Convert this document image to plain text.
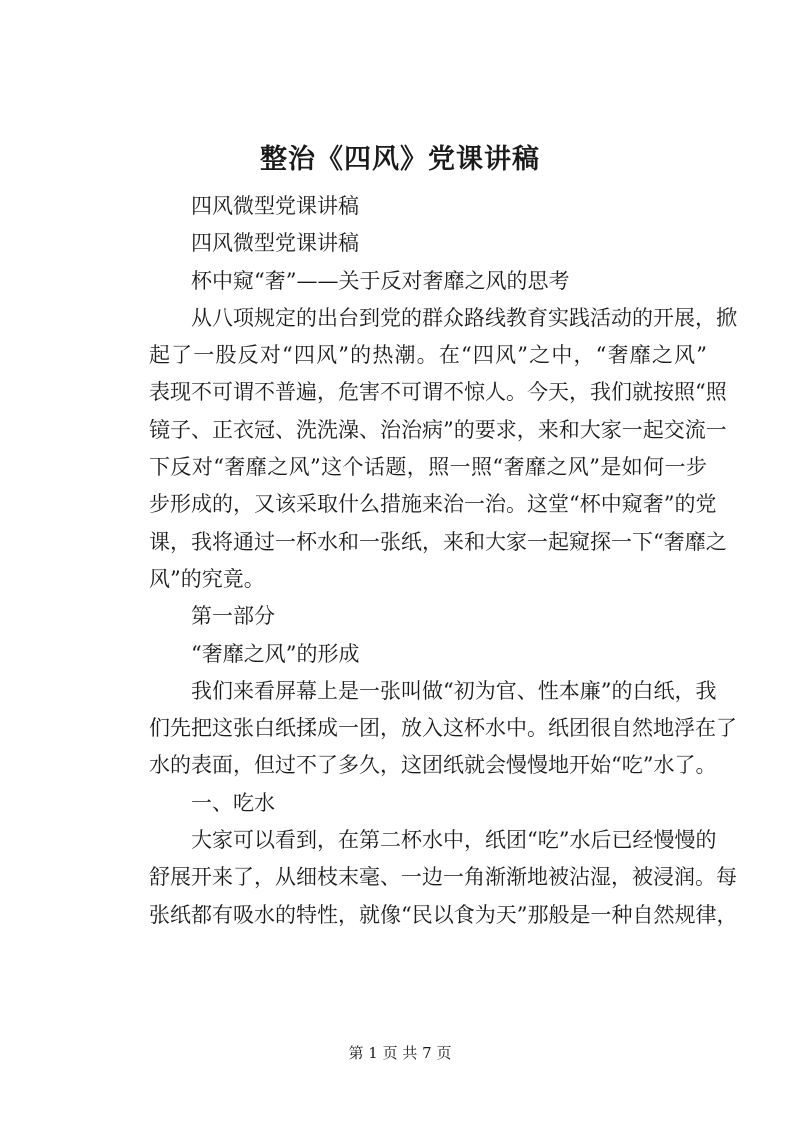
整治《四风》党课讲稿
四风微型党课讲稿
四风微型党课讲稿
杯中窥“奢”——关于反对奢靡之风的思考
从八项规定的出台到党的群众路线教育实践活动的开展，掀
起了一股反对“四风”的热潮。在“四风”之中，“奢靡之风”
表现不可谓不普遍，危害不可谓不惊人。今天，我们就按照“照
镜子、正衣冠、洗洗澡、治治病”的要求，来和大家一起交流一
下反对“奢靡之风”这个话题，照一照“奢靡之风”是如何一步
步形成的，又该采取什么措施来治一治。这堂“杯中窥奢”的党
课，我将通过一杯水和一张纸，来和大家一起窥探一下“奢靡之
风”的究竟。
第一部分
“奢靡之风”的形成
我们来看屏幕上是一张叫做“初为官、性本廉”的白纸，我
们先把这张白纸揉成一团，放入这杯水中。纸团很自然地浮在了
水的表面，但过不了多久，这团纸就会慢慢地开始“吃”水了。
一、吃水
大家可以看到，在第二杯水中，纸团“吃”水后已经慢慢的
舒展开来了，从细枝末毫、一边一角渐渐地被沾湿，被浸润。每
张纸都有吸水的特性，就像“民以食为天”那般是一种自然规律，
第 1 页 共 7 页
